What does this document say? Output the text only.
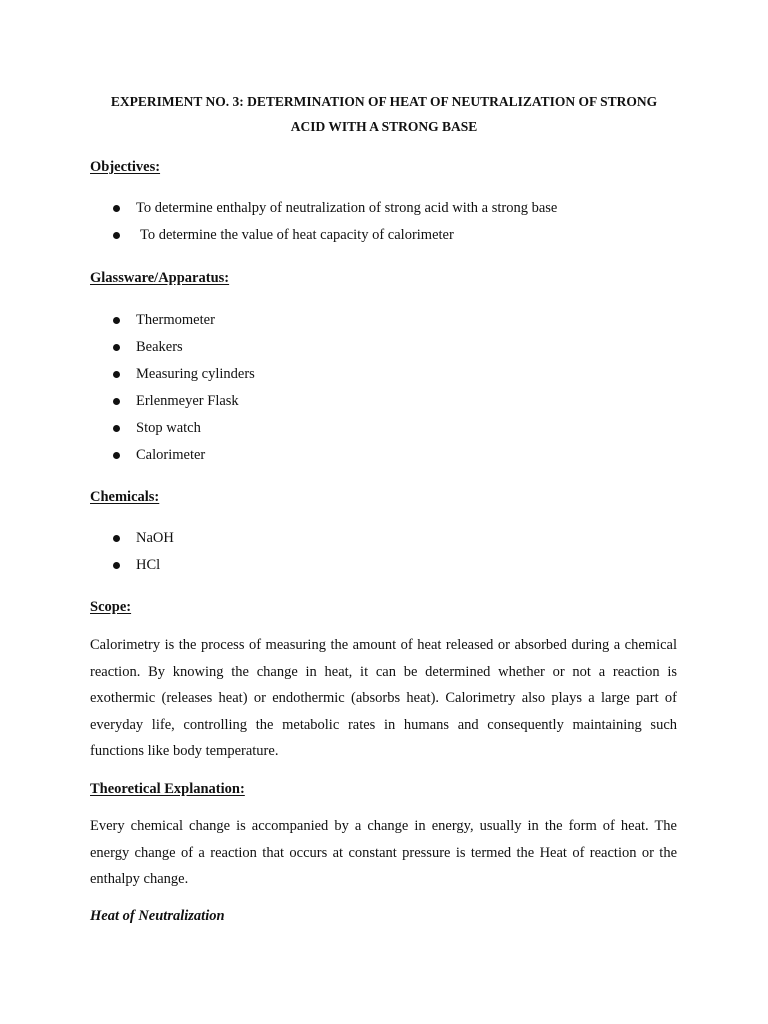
EXPERIMENT NO. 3: DETERMINATION OF HEAT OF NEUTRALIZATION OF STRONG

ACID WITH A STRONG BASE

Objectives:

To determine enthalpy of neutralization of strong acid with a strong base
To determine the value of heat capacity of calorimeter

Glassware/Apparatus:

Thermometer
Beakers
Measuring cylinders
Erlenmeyer Flask
Stop watch
Calorimeter

Chemicals:

NaOH
HCl

Scope:

Calorimetry is the process of measuring the amount of heat released or absorbed during a chemical
reaction. By knowing the change in heat, it can be determined whether or not a reaction is
exothermic (releases heat) or endothermic (absorbs heat). Calorimetry also plays a large part of
everyday life, controlling the metabolic rates in humans and consequently maintaining such
functions like body temperature.

Theoretical Explanation:

Every chemical change is accompanied by a change in energy, usually in the form of heat. The
energy change of a reaction that occurs at constant pressure is termed the Heat of reaction or the
enthalpy change.

Heat of Neutralization
